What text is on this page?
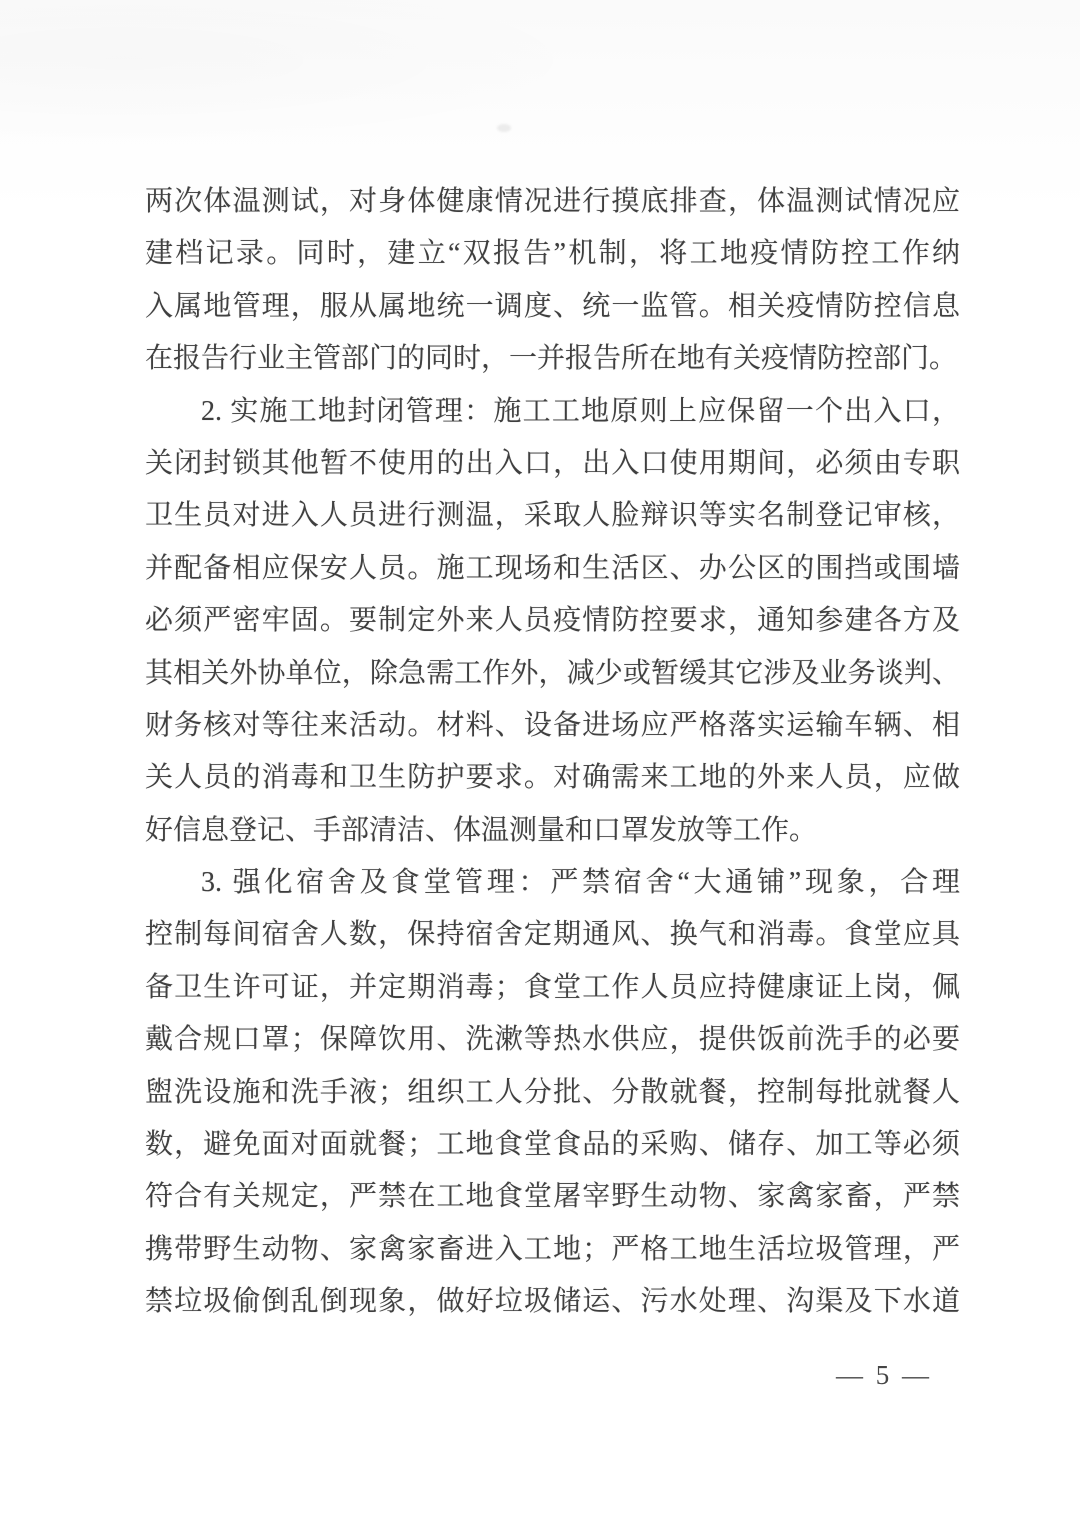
两次体温测试，对身体健康情况进行摸底排查，体温测试情况应
建档记录。同时，建立“双报告”机制，将工地疫情防控工作纳
入属地管理，服从属地统一调度、统一监管。相关疫情防控信息
在报告行业主管部门的同时，一并报告所在地有关疫情防控部门。
2. 实施工地封闭管理：施工工地原则上应保留一个出入口，
关闭封锁其他暂不使用的出入口，出入口使用期间，必须由专职
卫生员对进入人员进行测温，采取人脸辩识等实名制登记审核，
并配备相应保安人员。施工现场和生活区、办公区的围挡或围墙
必须严密牢固。要制定外来人员疫情防控要求，通知参建各方及
其相关外协单位，除急需工作外，减少或暂缓其它涉及业务谈判、
财务核对等往来活动。材料、设备进场应严格落实运输车辆、相
关人员的消毒和卫生防护要求。对确需来工地的外来人员，应做
好信息登记、手部清洁、体温测量和口罩发放等工作。
3. 强化宿舍及食堂管理：严禁宿舍“大通铺”现象，合理
控制每间宿舍人数，保持宿舍定期通风、换气和消毒。食堂应具
备卫生许可证，并定期消毒；食堂工作人员应持健康证上岗，佩
戴合规口罩；保障饮用、洗漱等热水供应，提供饭前洗手的必要
盥洗设施和洗手液；组织工人分批、分散就餐，控制每批就餐人
数，避免面对面就餐；工地食堂食品的采购、储存、加工等必须
符合有关规定，严禁在工地食堂屠宰野生动物、家禽家畜，严禁
携带野生动物、家禽家畜进入工地；严格工地生活垃圾管理，严
禁垃圾偷倒乱倒现象，做好垃圾储运、污水处理、沟渠及下水道
— 5 —
